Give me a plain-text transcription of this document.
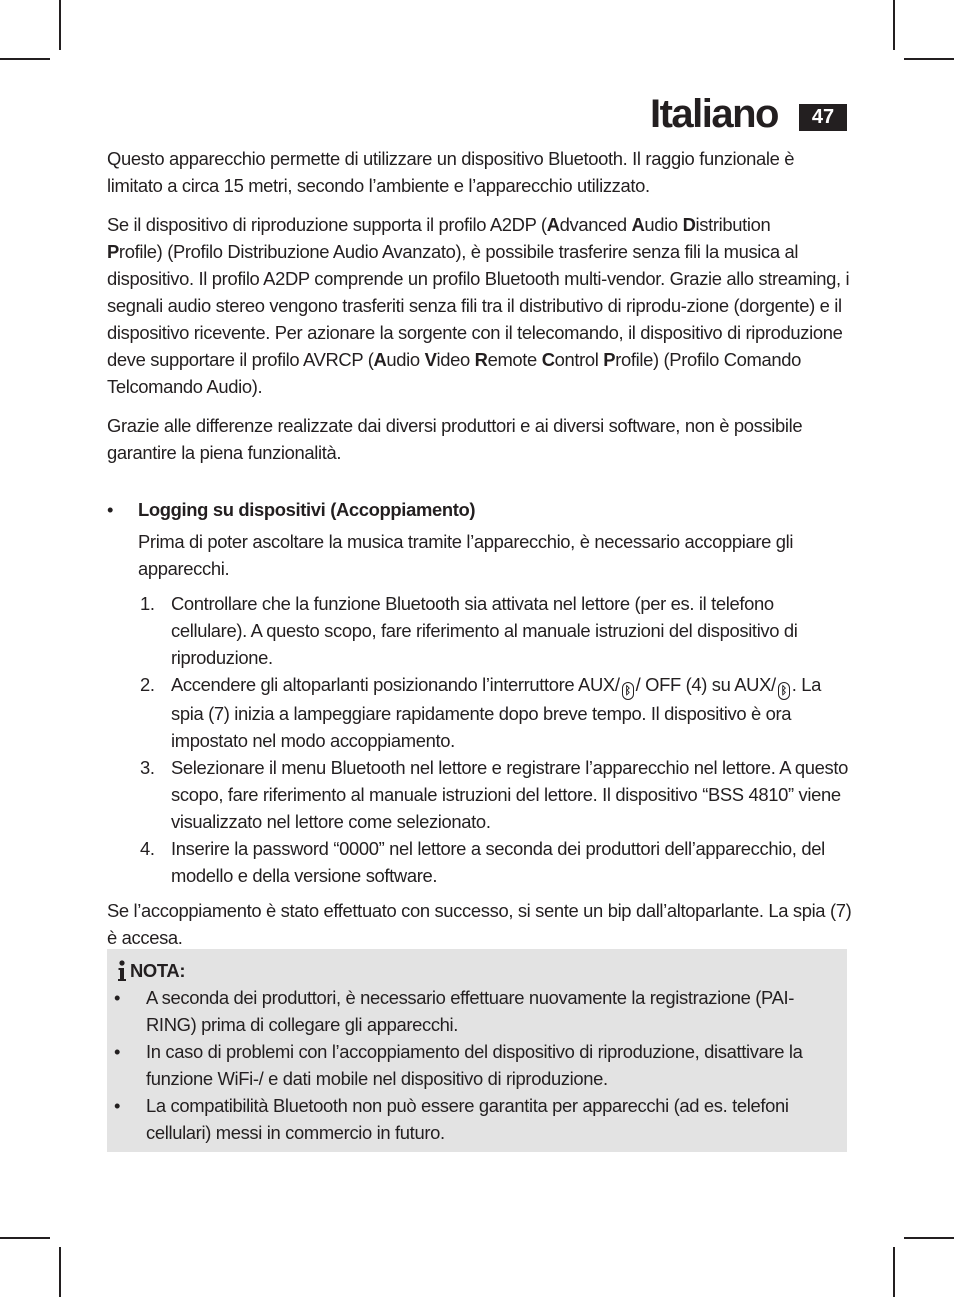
Italiano	47

Questo apparecchio permette di utilizzare un dispositivo Bluetooth. Il raggio funzionale è limitato a circa 15 metri, secondo l’ambiente e l’apparecchio utilizzato.

Se il dispositivo di riproduzione supporta il profilo A2DP (Advanced Audio Distribution
Profile) (Profilo Distribuzione Audio Avanzato), è possibile trasferire senza fili la musica al dispositivo. Il profilo A2DP comprende un profilo Bluetooth multi-vendor. Grazie allo streaming, i segnali audio stereo vengono trasferiti senza fili tra il distributivo di riprodu-zione (dorgente) e il dispositivo ricevente. Per azionare la sorgente con il telecomando, il dispositivo di riproduzione deve supportare il profilo AVRCP (Audio Video Remote Control Profile) (Profilo Comando Telcomando Audio).

Grazie alle differenze realizzate dai diversi produttori e ai diversi software, non è possibile garantire la piena funzionalità.

• Logging su dispositivi (Accoppiamento)

Prima di poter ascoltare la musica tramite l’apparecchio, è necessario accoppiare gli apparecchi.

1. Controllare che la funzione Bluetooth sia attivata nel lettore (per es. il telefono cellulare). A questo scopo, fare riferimento al manuale istruzioni del dispositivo di riproduzione.
2. Accendere gli altoparlanti posizionando l’interruttore AUX/ ᛒ / OFF (4) su AUX/ ᛒ . La spia (7) inizia a lampeggiare rapidamente dopo breve tempo. Il dispositivo è ora impostato nel modo accoppiamento.
3. Selezionare il menu Bluetooth nel lettore e registrare l’apparecchio nel lettore. A questo scopo, fare riferimento al manuale istruzioni del lettore. Il dispositivo “BSS 4810” viene visualizzato nel lettore come selezionato.
4. Inserire la password “0000” nel lettore a seconda dei produttori dell’apparecchio, del modello e della versione software.

Se l’accoppiamento è stato effettuato con successo, si sente un bip dall’altoparlante. La spia (7) è accesa.

NOTA:
• A seconda dei produttori, è necessario effettuare nuovamente la registrazione (PAI-RING) prima di collegare gli apparecchi.
• In caso di problemi con l’accoppiamento del dispositivo di riproduzione, disattivare la funzione WiFi-/ e dati mobile nel dispositivo di riproduzione.
• La compatibilità Bluetooth non può essere garantita per apparecchi (ad es. telefoni cellulari) messi in commercio in futuro.
